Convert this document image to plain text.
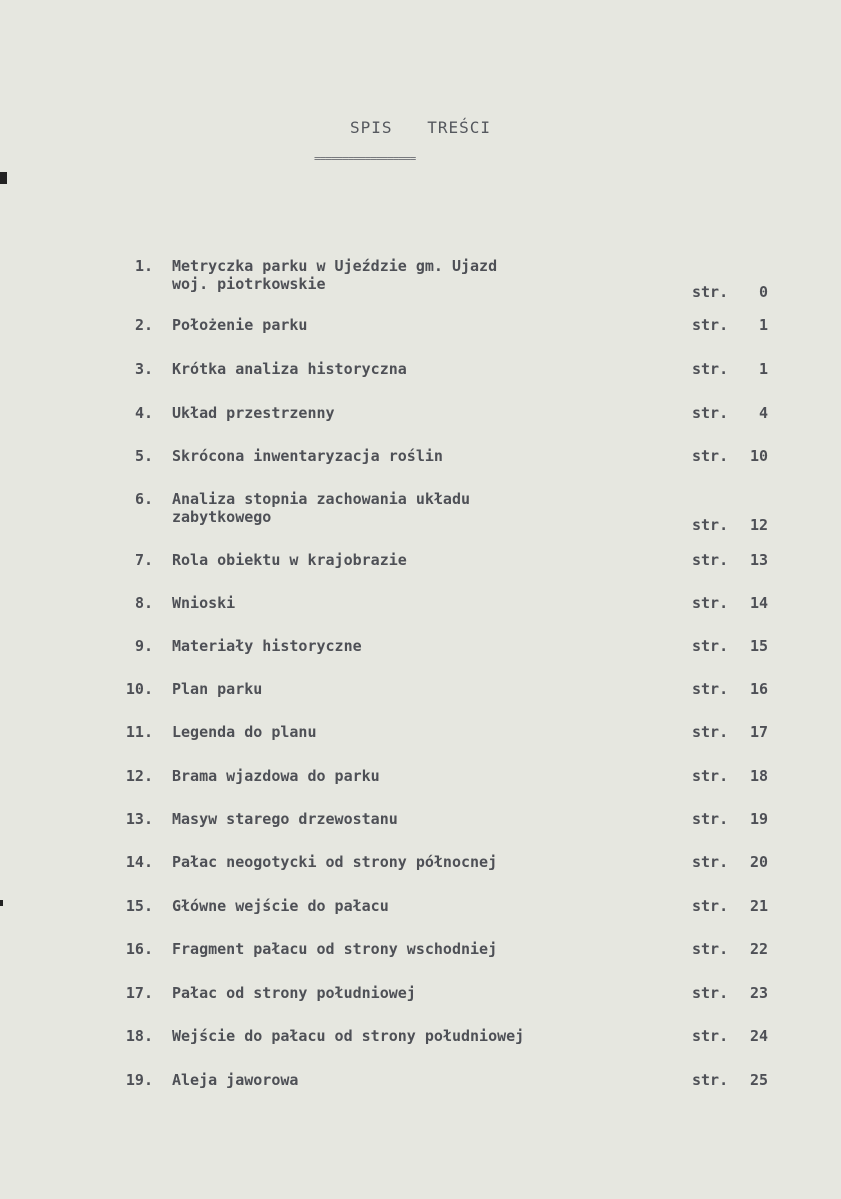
SPIS TREŚCI
==================
1. Metryczka parku w Ujeździe gm. Ujazd
woj. piotrkowskie	str. 0
2. Położenie parku	str. 1
3. Krótka analiza historyczna	str. 1
4. Układ przestrzenny	str. 4
5. Skrócona inwentaryzacja roślin	str. 10
6. Analiza stopnia zachowania układu
zabytkowego	str. 12
7. Rola obiektu w krajobrazie	str. 13
8. Wnioski	str. 14
9. Materiały historyczne	str. 15
10. Plan parku	str. 16
11. Legenda do planu	str. 17
12. Brama wjazdowa do parku	str. 18
13. Masyw starego drzewostanu	str. 19
14. Pałac neogotycki od strony północnej	str. 20
15. Główne wejście do pałacu	str. 21
16. Fragment pałacu od strony wschodniej	str. 22
17. Pałac od strony południowej	str. 23
18. Wejście do pałacu od strony południowej	str. 24
19. Aleja jaworowa	str. 25
